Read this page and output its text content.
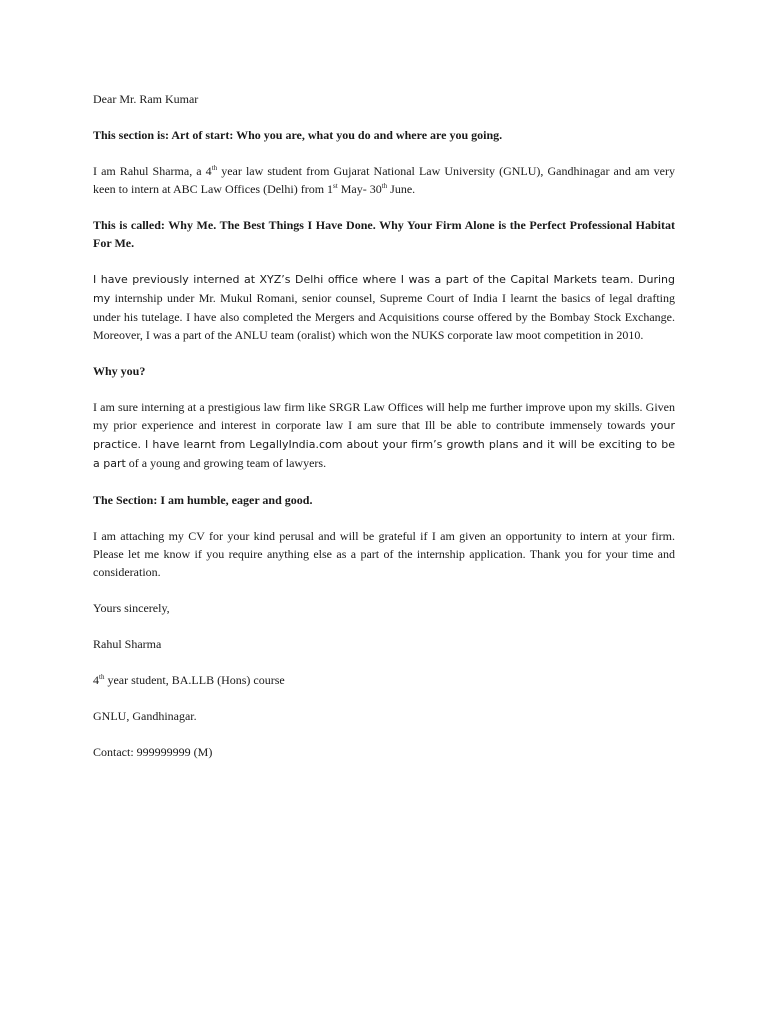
Dear Mr. Ram Kumar

This section is: Art of start: Who you are, what you do and where are you going.

I am Rahul Sharma, a 4th year law student from Gujarat National Law University (GNLU), Gandhinagar and am very keen to intern at ABC Law Offices (Delhi) from 1st May- 30th June.

This is called: Why Me. The Best Things I Have Done. Why Your Firm Alone is the Perfect Professional Habitat For Me.

I have previously interned at XYZ’s Delhi office where I was a part of the Capital Markets team. During my internship under Mr. Mukul Romani, senior counsel, Supreme Court of India I learnt the basics of legal drafting under his tutelage. I have also completed the Mergers and Acquisitions course offered by the Bombay Stock Exchange. Moreover, I was a part of the ANLU team (oralist) which won the NUKS corporate law moot competition in 2010.

Why you?

I am sure interning at a prestigious law firm like SRGR Law Offices will help me further improve upon my skills. Given my prior experience and interest in corporate law I am sure that Ill be able to contribute immensely towards your practice. I have learnt from LegallyIndia.com about your firm’s growth plans and it will be exciting to be a part of a young and growing team of lawyers.

The Section: I am humble, eager and good.

I am attaching my CV for your kind perusal and will be grateful if I am given an opportunity to intern at your firm. Please let me know if you require anything else as a part of the internship application. Thank you for your time and consideration.

Yours sincerely,

Rahul Sharma

4th year student, BA.LLB (Hons) course

GNLU, Gandhinagar.

Contact: 999999999 (M)
